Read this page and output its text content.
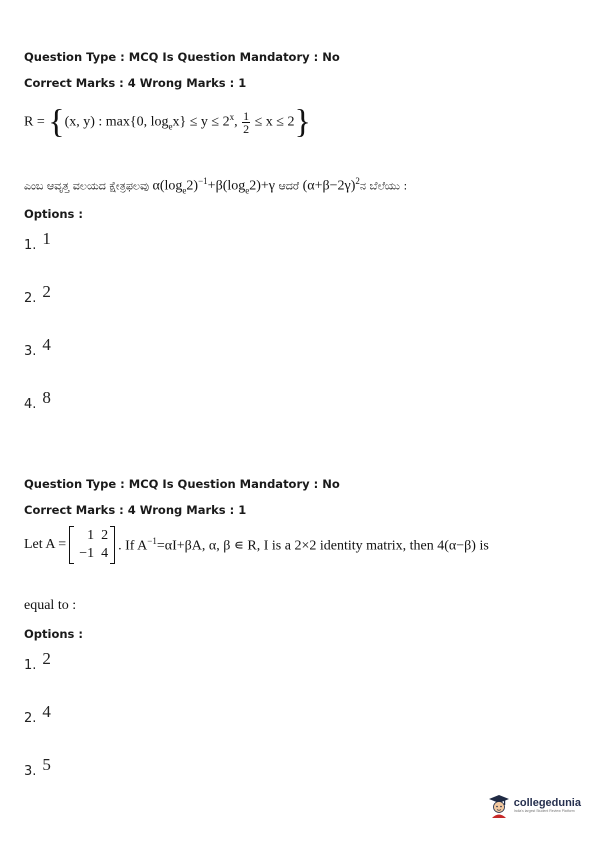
Question Type : MCQ Is Question Mandatory : No
Correct Marks : 4 Wrong Marks : 1
R = {(x, y) : max{0, $\log_ex\} \le y \le 2^x$, $\frac{1}{2} \le x \le 2$}
ಎಂಬ ಆವೃತ್ತ ವಲಯದ ಕ್ಷೇತ್ರಫಲವು $\alpha(\log_e2)^{-1}+\beta(\log_e2)+\gamma$ ಆದರೆ $(\alpha+\beta-2\gamma)^2ನ$ ಬೆಲೆಯು :
Options :
1. 1
2. 2
3. 4
4. 8
Question Type : MCQ Is Question Mandatory : No
Correct Marks : 4 Wrong Marks : 1
Let A =
1 2
−1 4
. If $A^{-1}=\alpha I+\beta A$, α, β ∊ R, I is a 2×2 identity matrix, then 4(α−β) is
equal to :
Options :
1. 2
2. 4
3. 5
collegedunia
India's largest Student Review Platform
